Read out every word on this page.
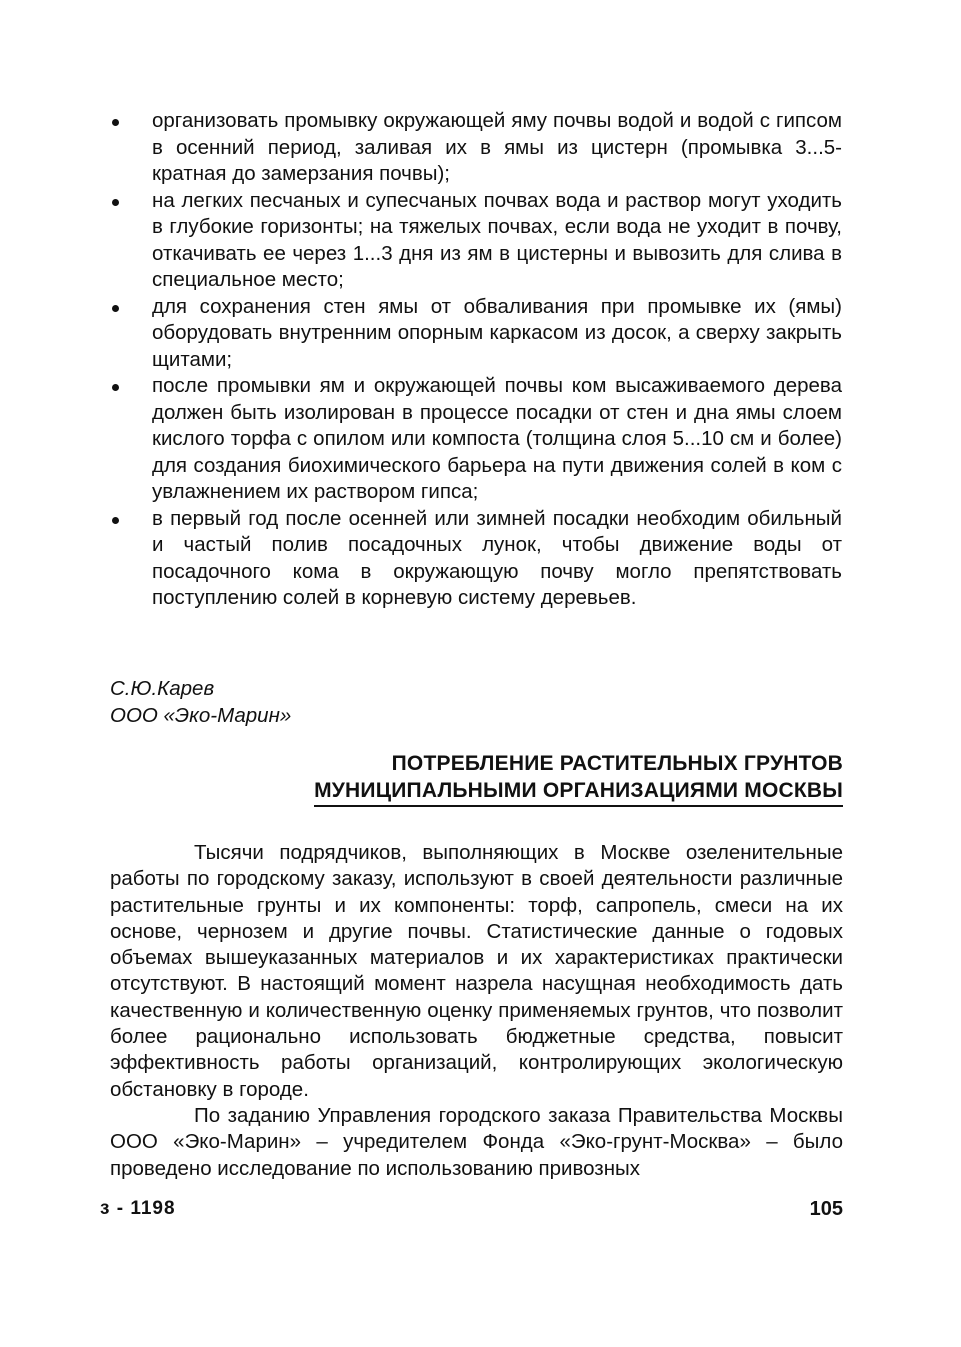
организовать промывку окружающей яму почвы водой и водой с гипсом в осенний период, заливая их в ямы из цистерн (промывка 3...5-кратная до замерзания почвы);
на легких песчаных и супесчаных почвах вода и раствор могут уходить в глубокие горизонты; на тяжелых почвах, если вода не уходит в почву, откачивать ее через 1...3 дня из ям в цистерны и вывозить для слива в специальное место;
для сохранения стен ямы от обваливания при промывке их (ямы) оборудовать внутренним опорным каркасом из досок, а сверху закрыть щитами;
после промывки ям и окружающей почвы ком высаживаемого дерева должен быть изолирован в процессе посадки от стен и дна ямы слоем кислого торфа с опилом или компоста (толщина слоя 5...10 см и более) для создания биохимического барьера на пути движения солей в ком с увлажнением их раствором гипса;
в первый год после осенней или зимней посадки необходим обильный и частый полив посадочных лунок, чтобы движение воды от посадочного кома в окружающую почву могло препятствовать поступлению солей в корневую систему деревьев.
С.Ю.Карев
ООО «Эко-Марин»
ПОТРЕБЛЕНИЕ РАСТИТЕЛЬНЫХ ГРУНТОВ
МУНИЦИПАЛЬНЫМИ ОРГАНИЗАЦИЯМИ МОСКВЫ

Тысячи подрядчиков, выполняющих в Москве озеленительные работы по городскому заказу, используют в своей деятельности различные растительные грунты и их компоненты: торф, сапропель, смеси на их основе, чернозем и другие почвы. Статистические данные о годовых объемах вышеуказанных материалов и их характеристиках практически отсутствуют. В настоящий момент назрела насущная необходимость дать качественную и количественную оценку применяемых грунтов, что позволит более рационально использовать бюджетные средства, повысит эффективность работы организаций, контролирующих экологическую обстановку в городе.

По заданию Управления городского заказа Правительства Москвы ООО «Эко-Марин» – учредителем Фонда «Эко-грунт-Москва» – было проведено исследование по использованию привозных

з - 1198	105
